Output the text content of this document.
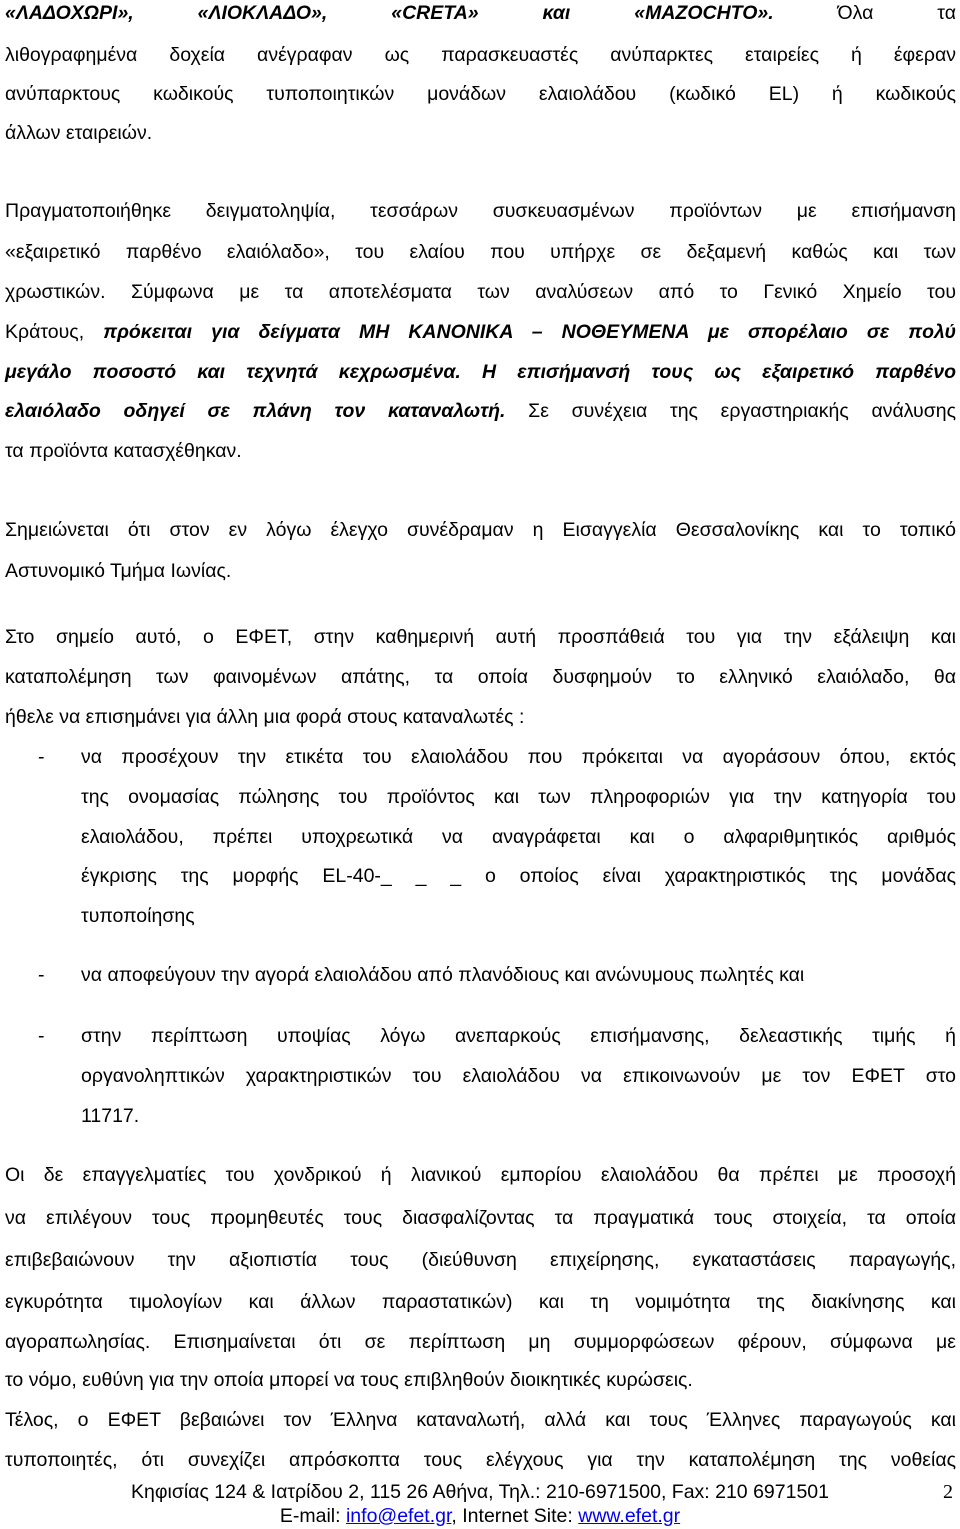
«ΛΑΔΟΧΩΡΙ», «ΛΙΟΚΛΑΔΟ», «CRETA» και «MAZOCHTO». Όλα τα
λιθογραφημένα δοχεία ανέγραφαν ως παρασκευαστές ανύπαρκτες εταιρείες ή έφεραν
ανύπαρκτους κωδικούς τυποποιητικών μονάδων ελαιολάδου (κωδικό EL) ή κωδικούς
άλλων εταιρειών.
Πραγματοποιήθηκε δειγματοληψία, τεσσάρων συσκευασμένων προϊόντων με επισήμανση
«εξαιρετικό παρθένο ελαιόλαδο», του ελαίου που υπήρχε σε δεξαμενή καθώς και των
χρωστικών. Σύμφωνα με τα αποτελέσματα των αναλύσεων από το Γενικό Χημείο του
Κράτους, πρόκειται για δείγματα ΜΗ ΚΑΝΟΝΙΚΑ – ΝΟΘΕΥΜΕΝΑ με σπορέλαιο σε πολύ
μεγάλο ποσοστό και τεχνητά κεχρωσμένα. Η επισήμανσή τους ως εξαιρετικό παρθένο
ελαιόλαδο οδηγεί σε πλάνη τον καταναλωτή. Σε συνέχεια της εργαστηριακής ανάλυσης
τα προϊόντα κατασχέθηκαν.
Σημειώνεται ότι στον εν λόγω έλεγχο συνέδραμαν η Εισαγγελία Θεσσαλονίκης και το τοπικό
Αστυνομικό Τμήμα Ιωνίας.
Στο σημείο αυτό, ο ΕΦΕΤ, στην καθημερινή αυτή προσπάθειά του για την εξάλειψη και
καταπολέμηση των φαινομένων απάτης, τα οποία δυσφημούν το ελληνικό ελαιόλαδο, θα
ήθελε να επισημάνει για άλλη μια φορά στους καταναλωτές :
- να προσέχουν την ετικέτα του ελαιολάδου που πρόκειται να αγοράσουν όπου, εκτός
της ονομασίας πώλησης του προϊόντος και των πληροφοριών για την κατηγορία του
ελαιολάδου, πρέπει υποχρεωτικά να αναγράφεται και ο αλφαριθμητικός αριθμός
έγκρισης της μορφής EL-40-_ _ _ ο οποίος είναι χαρακτηριστικός της μονάδας
τυποποίησης
- να αποφεύγουν την αγορά ελαιολάδου από πλανόδιους και ανώνυμους πωλητές και
- στην περίπτωση υποψίας λόγω ανεπαρκούς επισήμανσης, δελεαστικής τιμής ή
οργανοληπτικών χαρακτηριστικών του ελαιολάδου να επικοινωνούν με τον ΕΦΕΤ στο
11717.
Οι δε επαγγελματίες του χονδρικού ή λιανικού εμπορίου ελαιολάδου θα πρέπει με προσοχή
να επιλέγουν τους προμηθευτές τους διασφαλίζοντας τα πραγματικά τους στοιχεία, τα οποία
επιβεβαιώνουν την αξιοπιστία τους (διεύθυνση επιχείρησης, εγκαταστάσεις παραγωγής,
εγκυρότητα τιμολογίων και άλλων παραστατικών) και τη νομιμότητα της διακίνησης και
αγοραπωλησίας. Επισημαίνεται ότι σε περίπτωση μη συμμορφώσεων φέρουν, σύμφωνα με
το νόμο, ευθύνη για την οποία μπορεί να τους επιβληθούν διοικητικές κυρώσεις.
Τέλος, ο ΕΦΕΤ βεβαιώνει τον Έλληνα καταναλωτή, αλλά και τους Έλληνες παραγωγούς και
τυποποιητές, ότι συνεχίζει απρόσκοπτα τους ελέγχους για την καταπολέμηση της νοθείας
Κηφισίας 124 & Ιατρίδου 2, 115 26 Αθήνα, Τηλ.: 210-6971500, Fax: 210 6971501
E-mail: info@efet.gr, Internet Site: www.efet.gr
2
